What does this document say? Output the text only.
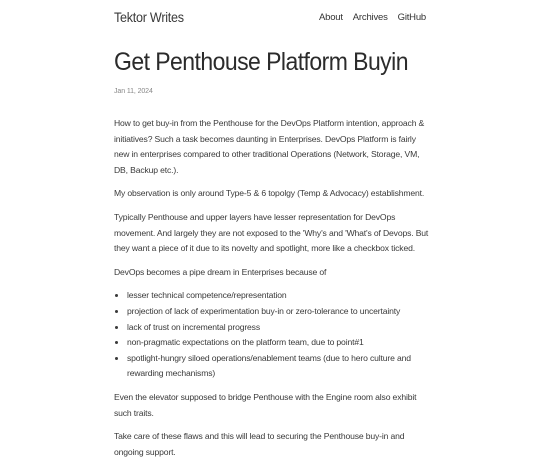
Tektor Writes	About Archives GitHub
Get Penthouse Platform Buyin
Jan 11, 2024

How to get buy-in from the Penthouse for the DevOps Platform intention, approach & initiatives? Such a task becomes daunting in Enterprises. DevOps Platform is fairly new in enterprises compared to other traditional Operations (Network, Storage, VM, DB, Backup etc.).

My observation is only around Type-5 & 6 topolgy (Temp & Advocacy) establishment.

Typically Penthouse and upper layers have lesser representation for DevOps movement. And largely they are not exposed to the 'Why's and 'What's of Devops. But they want a piece of it due to its novelty and spotlight, more like a checkbox ticked.

DevOps becomes a pipe dream in Enterprises because of

• lesser technical competence/representation
• projection of lack of experimentation buy-in or zero-tolerance to uncertainty
• lack of trust on incremental progress
• non-pragmatic expectations on the platform team, due to point#1
• spotlight-hungry siloed operations/enablement teams (due to hero culture and rewarding mechanisms)

Even the elevator supposed to bridge Penthouse with the Engine room also exhibit such traits.

Take care of these flaws and this will lead to securing the Penthouse buy-in and ongoing support.
